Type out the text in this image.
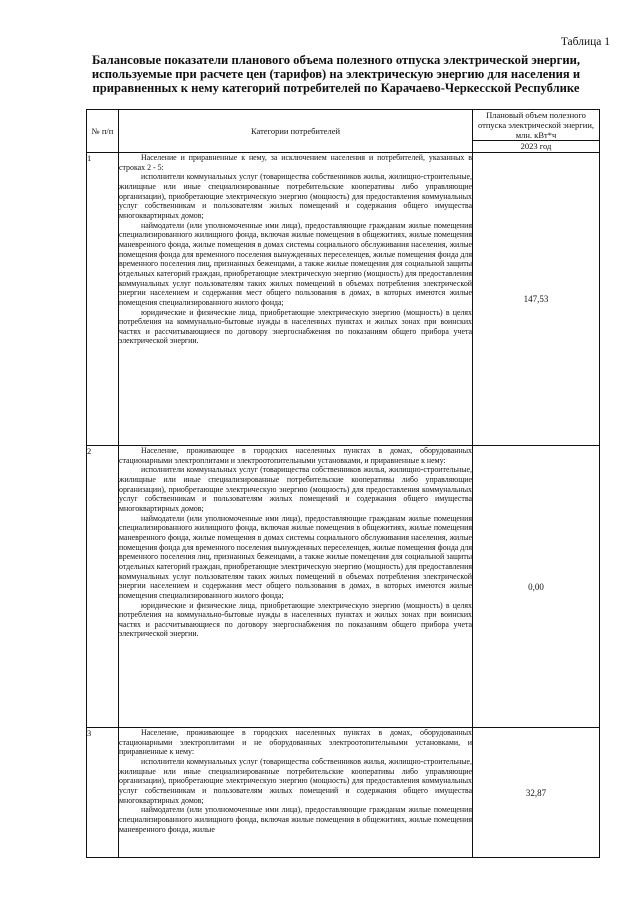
Таблица 1
Балансовые показатели планового объема полезного отпуска электрической энергии, используемые при расчете цен (тарифов) на электрическую энергию для населения и приравненных к нему категорий потребителей по Карачаево-Черкесской Республике
№ п/п	Категории потребителей	Плановый объем полезного отпуска электрической энергии, млн. кВт*ч
		2023 год
1	Население и приравненные к нему, за исключением населения и потребителей, указанных в строках 2 - 5:

исполнители коммунальных услуг (товарищества собственников жилья, жилищно-строительные, жилищные или иные специализированные потребительские кооперативы либо управляющие организации), приобретающие электрическую энергию (мощность) для предоставления коммунальных услуг собственникам и пользователям жилых помещений и содержания общего имущества многоквартирных домов;

наймодатели (или уполномоченные ими лица), предоставляющие гражданам жилые помещения специализированного жилищного фонда, включая жилые помещения в общежитиях, жилые помещения маневренного фонда, жилые помещения в домах системы социального обслуживания населения, жилые помещения фонда для временного поселения вынужденных переселенцев, жилые помещения фонда для временного поселения лиц, признанных беженцами, а также жилые помещения для социальной защиты отдельных категорий граждан, приобретающие электрическую энергию (мощность) для предоставления коммунальных услуг пользователям таких жилых помещений в объемах потребления электрической энергии населением и содержания мест общего пользования в домах, в которых имеются жилые помещения специализированного жилого фонда;

юридические и физические лица, приобретающие электрическую энергию (мощность) в целях потребления на коммунально-бытовые нужды в населенных пунктах и жилых зонах при воинских частях и рассчитывающиеся по договору энергоснабжения по показаниям общего прибора учета электрической энергии.	147,53
2	Население, проживающее в городских населенных пунктах в домах, оборудованных стационарными электроплитами и электроотопительными установками, и приравненные к нему:

исполнители коммунальных услуг (товарищества собственников жилья, жилищно-строительные, жилищные или иные специализированные потребительские кооперативы либо управляющие организации), приобретающие электрическую энергию (мощность) для предоставления коммунальных услуг собственникам и пользователям жилых помещений и содержания общего имущества многоквартирных домов;

наймодатели (или уполномоченные ими лица), предоставляющие гражданам жилые помещения специализированного жилищного фонда, включая жилые помещения в общежитиях, жилые помещения маневренного фонда, жилые помещения в домах системы социального обслуживания населения, жилые помещения фонда для временного поселения вынужденных переселенцев, жилые помещения фонда для временного поселения лиц, признанных беженцами, а также жилые помещения для социальной защиты отдельных категорий граждан, приобретающие электрическую энергию (мощность) для предоставления коммунальных услуг пользователям таких жилых помещений в объемах потребления электрической энергии населением и содержания мест общего пользования в домах, в которых имеются жилые помещения специализированного жилого фонда;

юридические и физические лица, приобретающие электрическую энергию (мощность) в целях потребления на коммунально-бытовые нужды в населенных пунктах и жилых зонах при воинских частях и рассчитывающиеся по договору энергоснабжения по показаниям общего прибора учета электрической энергии.	0,00
3	Население, проживающее в городских населенных пунктах в домах, оборудованных стационарными электроплитами и не оборудованных электроотопительными установками, и приравненные к нему:

исполнители коммунальных услуг (товарищества собственников жилья, жилищно-строительные, жилищные или иные специализированные потребительские кооперативы либо управляющие организации), приобретающие электрическую энергию (мощность) для предоставления коммунальных услуг собственникам и пользователям жилых помещений и содержания общего имущества многоквартирных домов;

наймодатели (или уполномоченные ими лица), предоставляющие гражданам жилые помещения специализированного жилищного фонда, включая жилые помещения в общежитиях, жилые помещения маневренного фонда, жилые	32,87
